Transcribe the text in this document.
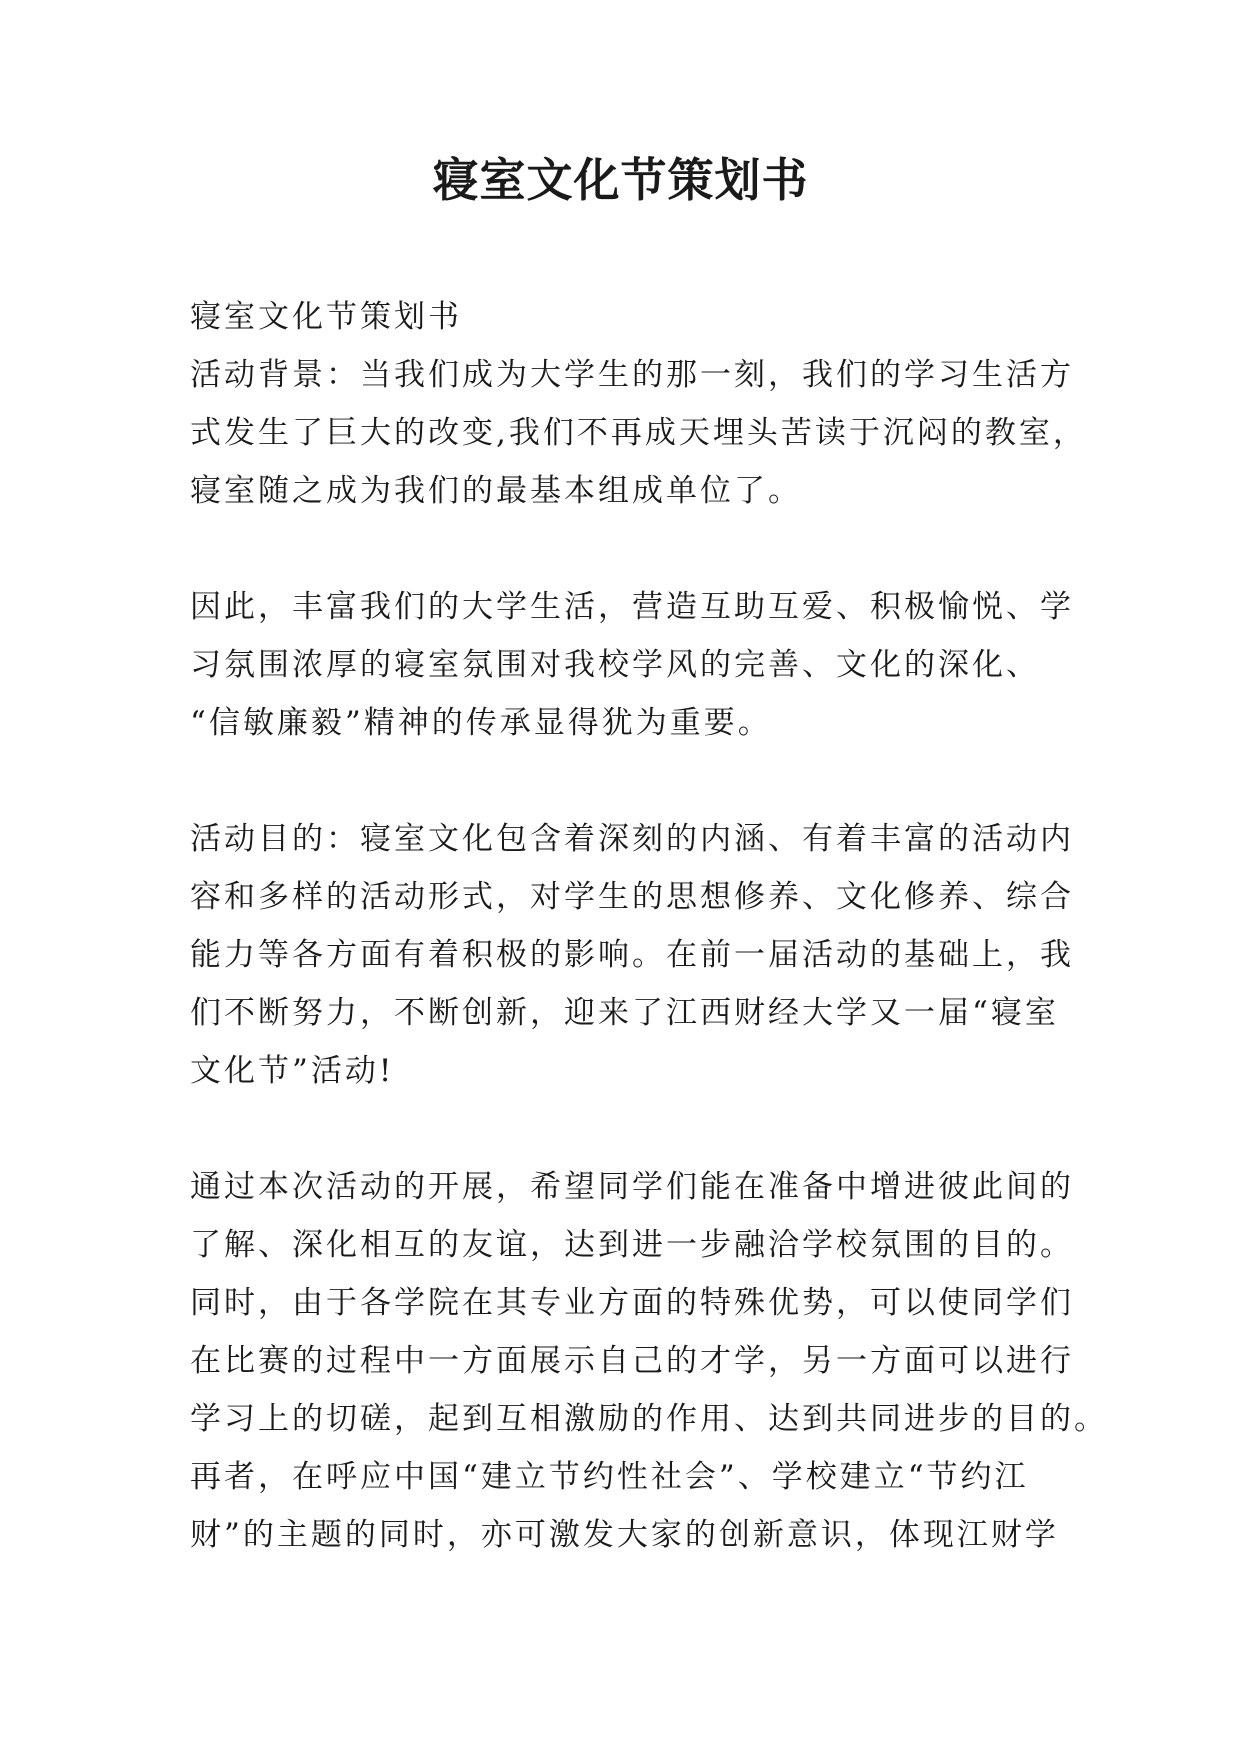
寝室文化节策划书
寝室文化节策划书
活动背景：当我们成为大学生的那一刻，我们的学习生活方
式发生了巨大的改变,我们不再成天埋头苦读于沉闷的教室，
寝室随之成为我们的最基本组成单位了。
因此，丰富我们的大学生活，营造互助互爱、积极愉悦、学
习氛围浓厚的寝室氛围对我校学风的完善、文化的深化、
“信敏廉毅”精神的传承显得犹为重要。
活动目的：寝室文化包含着深刻的内涵、有着丰富的活动内
容和多样的活动形式，对学生的思想修养、文化修养、综合
能力等各方面有着积极的影响。在前一届活动的基础上，我
们不断努力，不断创新，迎来了江西财经大学又一届“寝室
文化节”活动!
通过本次活动的开展，希望同学们能在准备中增进彼此间的
了解、深化相互的友谊，达到进一步融洽学校氛围的目的。
同时，由于各学院在其专业方面的特殊优势，可以使同学们
在比赛的过程中一方面展示自己的才学，另一方面可以进行
学习上的切磋，起到互相激励的作用、达到共同进步的目的。
再者，在呼应中国“建立节约性社会”、学校建立“节约江
财”的主题的同时，亦可激发大家的创新意识，体现江财学
